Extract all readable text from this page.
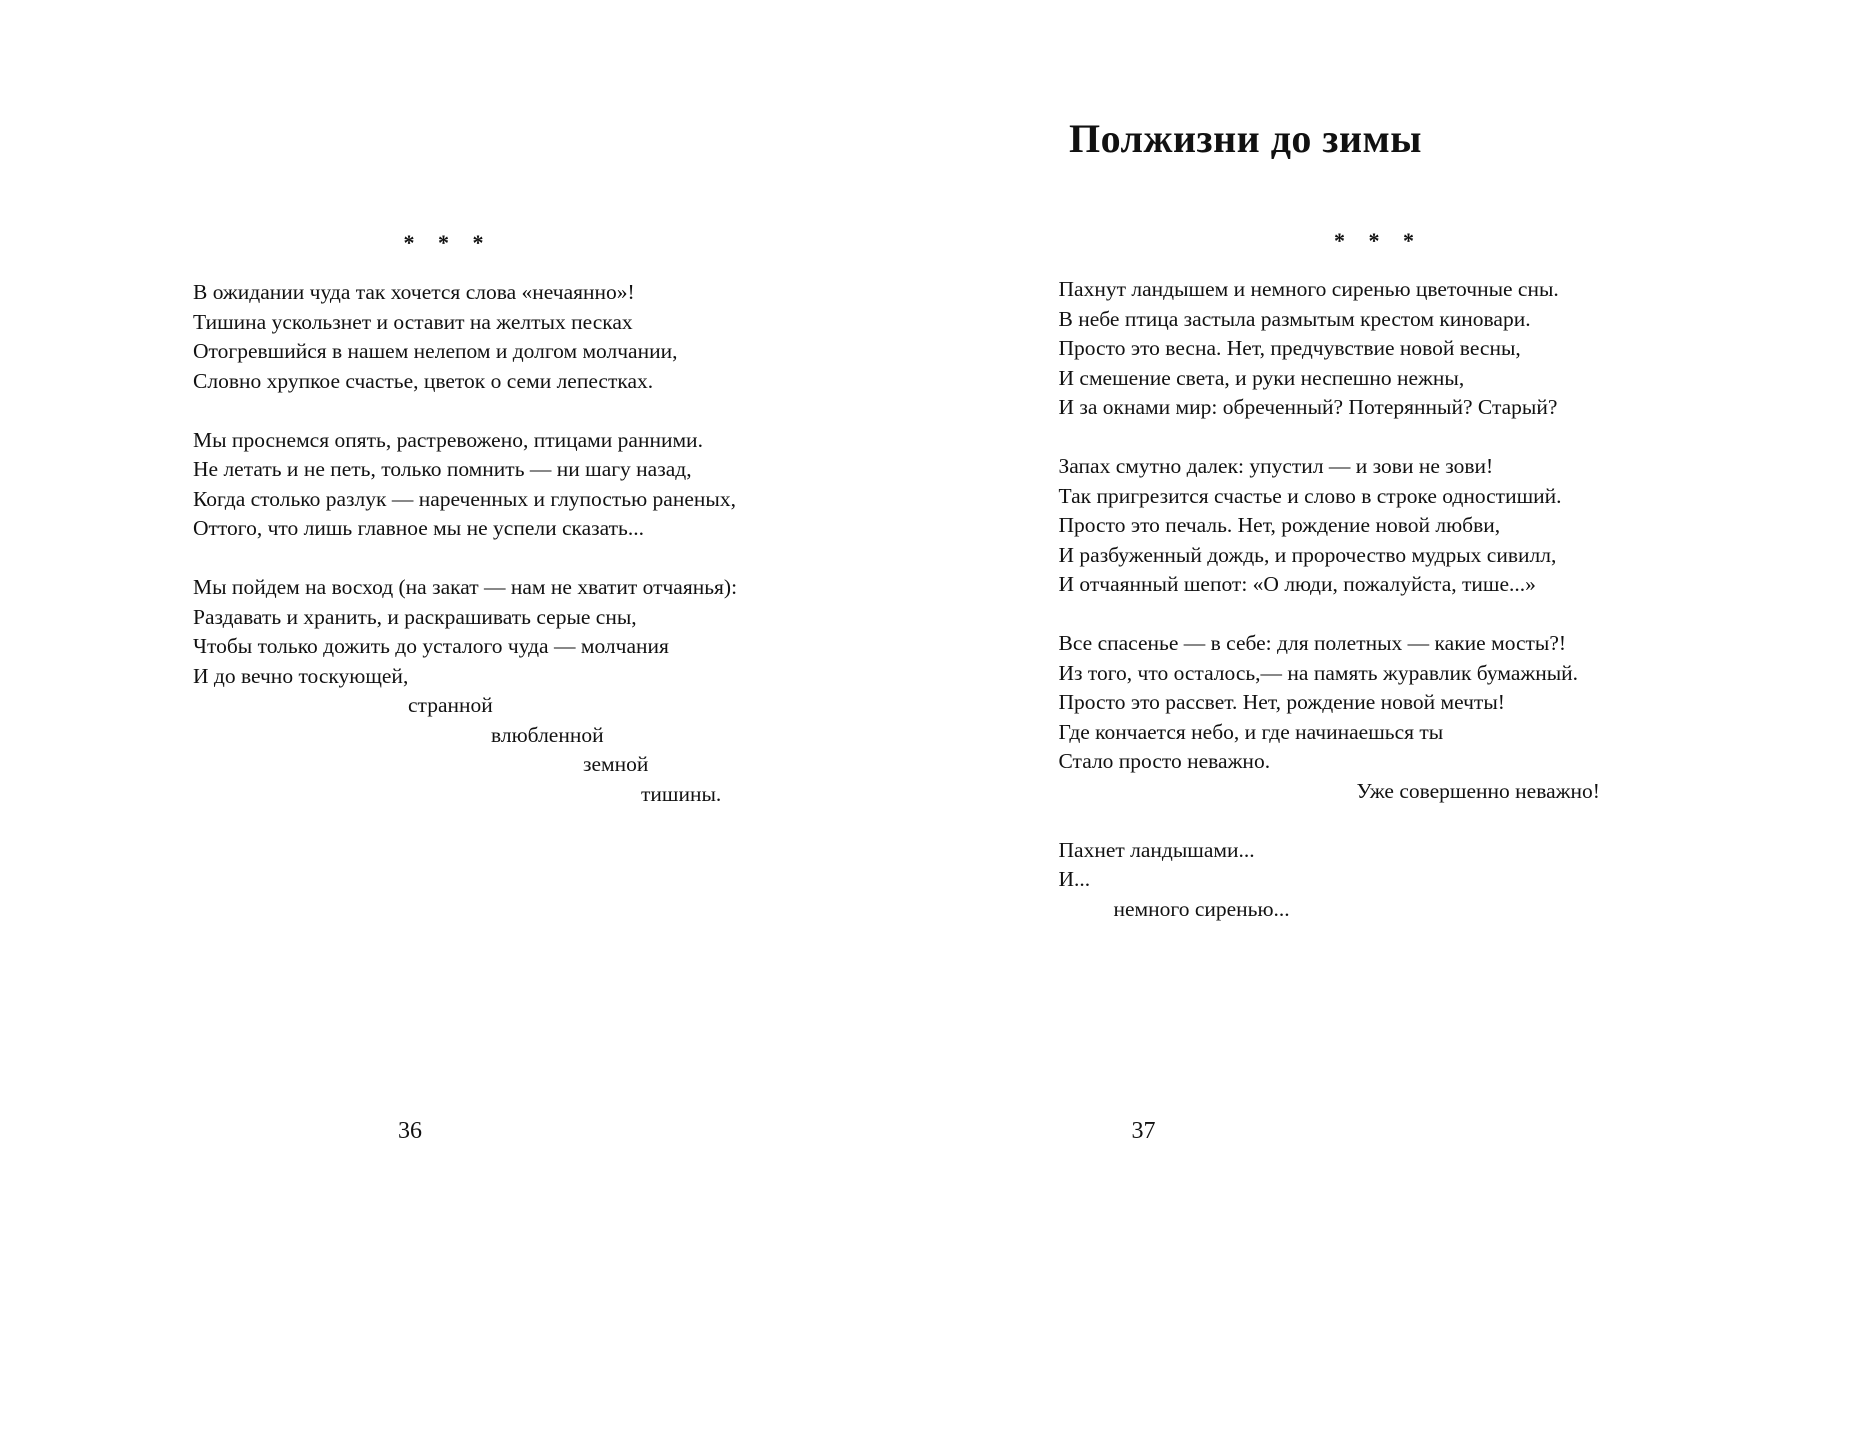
* * *
В ожидании чуда так хочется слова «нечаянно»!
Тишина ускользнет и оставит на желтых песках
Отогревшийся в нашем нелепом и долгом молчании,
Словно хрупкое счастье, цветок о семи лепестках.
Мы проснемся опять, растревожено, птицами ранними.
Не летать и не петь, только помнить — ни шагу назад,
Когда столько разлук — нареченных и глупостью раненых,
Оттого, что лишь главное мы не успели сказать...
Мы пойдем на восход (на закат — нам не хватит отчаянья):
Раздавать и хранить, и раскрашивать серые сны,
Чтобы только дожить до усталого чуда — молчания
И до вечно тоскующей,
странной
влюбленной
земной
тишины.
36
Полжизни до зимы
* * *
Пахнут ландышем и немного сиренью цветочные сны.
В небе птица застыла размытым крестом киновари.
Просто это весна. Нет, предчувствие новой весны,
И смешение света, и руки неспешно нежны,
И за окнами мир: обреченный? Потерянный? Старый?
Запах смутно далек: упустил — и зови не зови!
Так пригрезится счастье и слово в строке одностиший.
Просто это печаль. Нет, рождение новой любви,
И разбуженный дождь, и пророчество мудрых сивилл,
И отчаянный шепот: «О люди, пожалуйста, тише...»
Все спасенье — в себе: для полетных — какие мосты?!
Из того, что осталось,— на память журавлик бумажный.
Просто это рассвет. Нет, рождение новой мечты!
Где кончается небо, и где начинаешься ты
Стало просто неважно.
Уже совершенно неважно!
Пахнет ландышами...
И...
немного сиренью...
37
